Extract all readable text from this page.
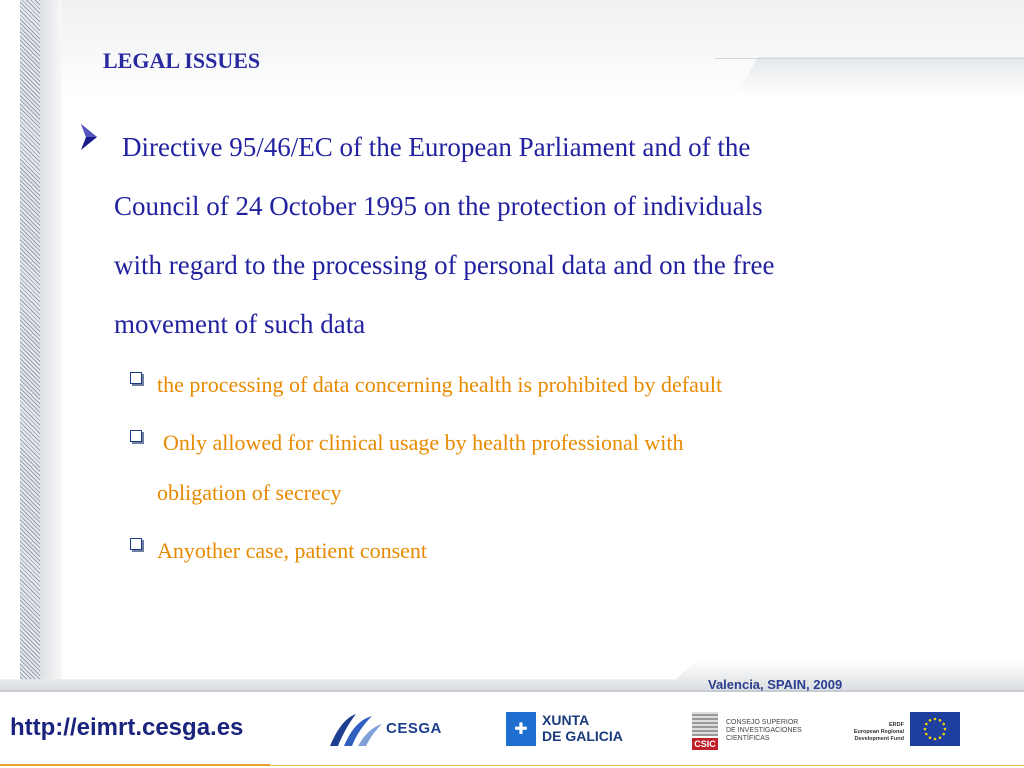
LEGAL ISSUES

Directive 95/46/EC of the European Parliament and of the
Council of 24 October 1995 on the protection of individuals
with regard to the processing of personal data and on the free
movement of such data

the processing of data concerning health is prohibited by default
Only allowed for clinical usage by health professional with
obligation of secrecy
Anyother case, patient consent
Valencia, SPAIN, 2009
http://eimrt.cesga.es	CESGA	✚ XUNTA
DE GALICIA	CSIC
CONSEJO SUPERIOR
DE INVESTIGACIONES
CIENTÍFICAS
ERDF
European Regional
Development Fund
